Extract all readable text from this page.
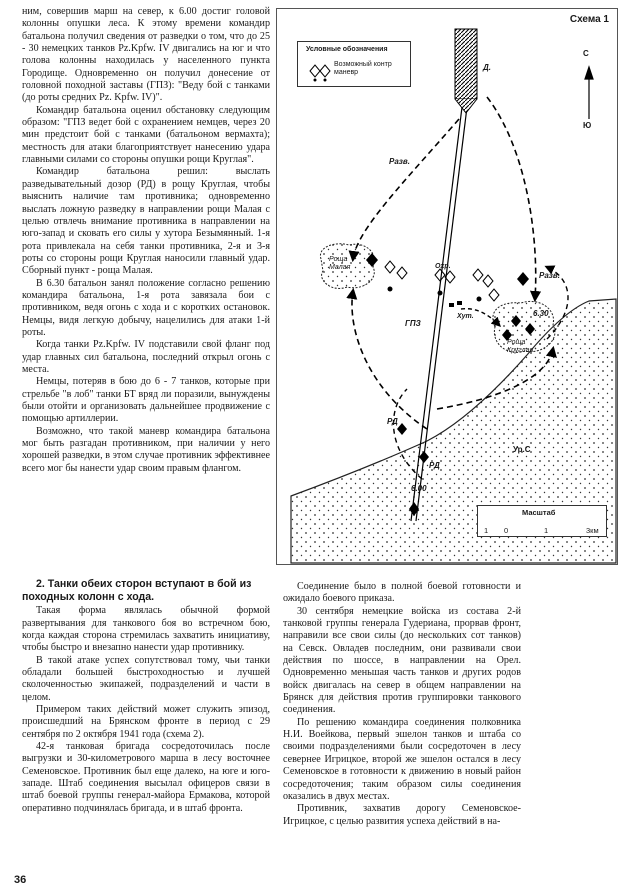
ним, совершив марш на север, к 6.00 достиг головой колонны опушки леса. К этому времени командир батальона получил сведения от разведки о том, что до 25 - 30 немецких танков Pz.Kpfw. IV двигались на юг и что голова колонны находилась у населенного пункта Городище. Одновременно он получил донесение от головной походной заставы (ГПЗ): "Веду бой с танками (до роты средних Pz. Kpfw. IV)".

Командир батальона оценил обстановку следующим образом: "ГПЗ ведет бой с охранением немцев, через 20 мин предстоит бой с танками (батальоном вермахта); местность для атаки благоприятствует нанесению удара главными силами со стороны опушки рощи Круглая".

Командир батальона решил: выслать разведывательный дозор (РД) в рощу Круглая, чтобы выяснить наличие там противника; одновременно выслать ложную разведку в направлении рощи Малая с целью отвлечь внимание противника в направлении на юго-запад и сковать его силы у хутора Безымянный. 1-я рота привлекала на себя танки противника, 2-я и 3-я роты со стороны рощи Круглая наносили главный удар. Сборный пункт - роща Малая.

В 6.30 батальон занял положение согласно решению командира батальона, 1-я рота завязала бои с противником, ведя огонь с хода и с коротких остановок. Немцы, видя легкую добычу, нацелились для атаки 1-й роты.

Когда танки Pz.Kpfw. IV подставили свой фланг под удар главных сил батальона, последний открыл огонь с места.

Немцы, потеряв в бою до 6 - 7 танков, которые при стрельбе "в лоб" танки БТ вряд ли поразили, вынуждены были отойти и организовать дальнейшее продвижение с помощью артиллерии.

Возможно, что такой маневр командира батальона мог быть разгадан противником, при наличии у него хорошей разведки, в этом случае противник эффективнее всего мог бы нанести удар своим правым флангом.

2. Танки обеих сторон вступают в бой из походных колонн с хода.

Такая форма являлась обычной формой развертывания для танкового боя во встречном бою, когда каждая сторона стремилась захватить инициативу, чтобы быстро и внезапно нанести удар противнику.

В такой атаке успех сопутствовал тому, чьи танки обладали большей быстроходностью и лучшей сколоченностью экипажей, подразделений и части в целом.

Примером таких действий может служить эпизод, происшедший на Брянском фронте в период с 29 сентября по 2 октября 1941 года (схема 2).

42-я танковая бригада сосредоточилась после выгрузки и 30-километрового марша в лесу восточнее Семеновское. Противник был еще далеко, на юге и юго-западе. Штаб соединения высылал офицеров связи в штаб боевой группы генерал-майора Ермакова, которой оперативно подчинялась бригада, и в штаб фронта.

Соединение было в полной боевой готовности и ожидало боевого приказа.

30 сентября немецкие войска из состава 2-й танковой группы генерала Гудериана, прорвав фронт, направили все свои силы (до нескольких сот танков) на Севск. Овладев последним, они развивали свои действия по шоссе, в направлении на Орел. Одновременно меньшая часть танков и других родов войск двигалась на север в общем направлении на Брянск для действия против группировки танкового соединения.

По решению командира соединения полковника Н.И. Воейкова, первый эшелон танков и штаба со своими подразделениями были сосредоточен в лесу севернее Игрицкое, второй же эшелон остался в лесу Семеновское в готовности к движению в новый район сосредоточения; таким образом силы соединения оказались в двух местах.

Противник, захватив дорогу Семеновское-Игрицкое, с целью развития успеха действий в на-

Схема 1
Условные обозначения
Возможный контр маневр
Д.
С
Ю
Разв.
Разв.
Роща Малая
Роща Круглая
ГПЗ
Охр.
Хут.	6.30
6.00
РД
РД
Ур.С
Масштаб
1 0	1	3км
36
